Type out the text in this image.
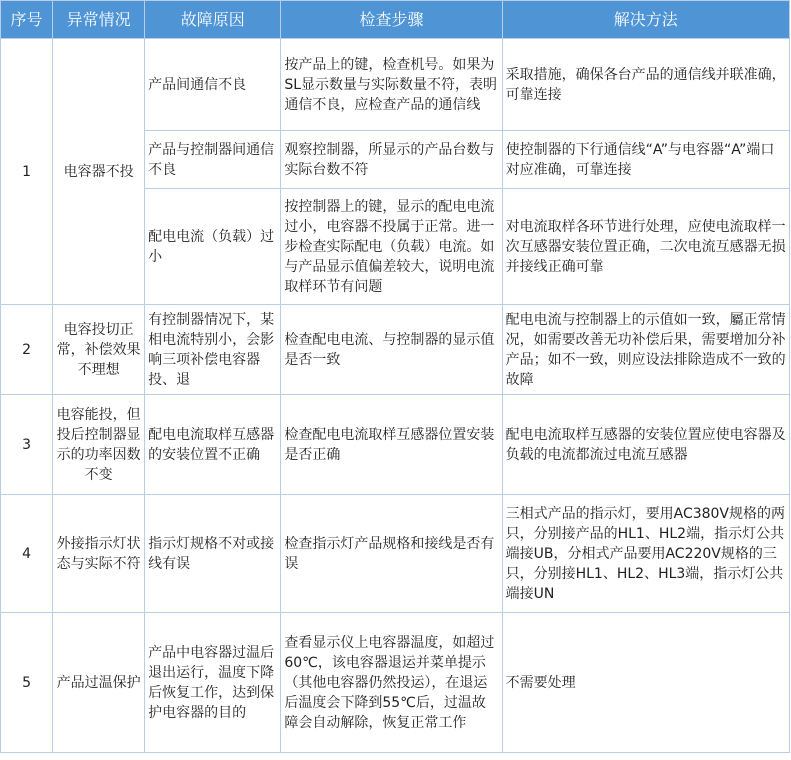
序号	异常情况	故障原因	检查步骤	解决方法
1	电容器不投	产品间通信不良	按产品上的键，检查机号。如果为SL显示数量与实际数量不符，表明通信不良，应检查产品的通信线	采取措施，确保各台产品的通信线并联准确，可靠连接
		产品与控制器间通信不良	观察控制器，所显示的产品台数与实际台数不符	使控制器的下行通信线“A”与电容器“A”端口对应准确，可靠连接
		配电电流（负载）过小	按控制器上的键，显示的配电电流过小，电容器不投属于正常。进一步检查实际配电（负载）电流。如与产品显示值偏差较大，说明电流取样环节有问题	对电流取样各环节进行处理，应使电流取样一次互感器安装位置正确，二次电流互感器无损并接线正确可靠
2	电容投切正常，补偿效果不理想	有控制器情况下，某相电流特别小，会影响三项补偿电容器投、退	检查配电电流、与控制器的显示值是否一致	配电电流与控制器上的示值如一致，屬正常情况，如需要改善无功补偿后果，需要增加分补产品；如不一致，则应设法排除造成不一致的故障
3	电容能投，但投后控制器显示的功率因数不变	配电电流取样互感器的安装位置不正确	检查配电电流取样互感器位置安装是否正确	配电电流取样互感器的安装位置应使电容器及负载的电流都流过电流互感器
4	外接指示灯状态与实际不符	指示灯规格不对或接线有误	检查指示灯产品规格和接线是否有误	三相式产品的指示灯，要用AC380V规格的两只，分别接产品的HL1、HL2端，指示灯公共端接UB，分相式产品要用AC220V规格的三只，分别接HL1、HL2、HL3端，指示灯公共端接UN
5	产品过温保护	产品中电容器过温后退出运行，温度下降后恢复工作，达到保护电容器的目的	查看显示仪上电容器温度，如超过60℃，该电容器退运并菜单提示（其他电容器仍然投运），在退运后温度会下降到55℃后，过温故障会自动解除，恢复正常工作	不需要处理
